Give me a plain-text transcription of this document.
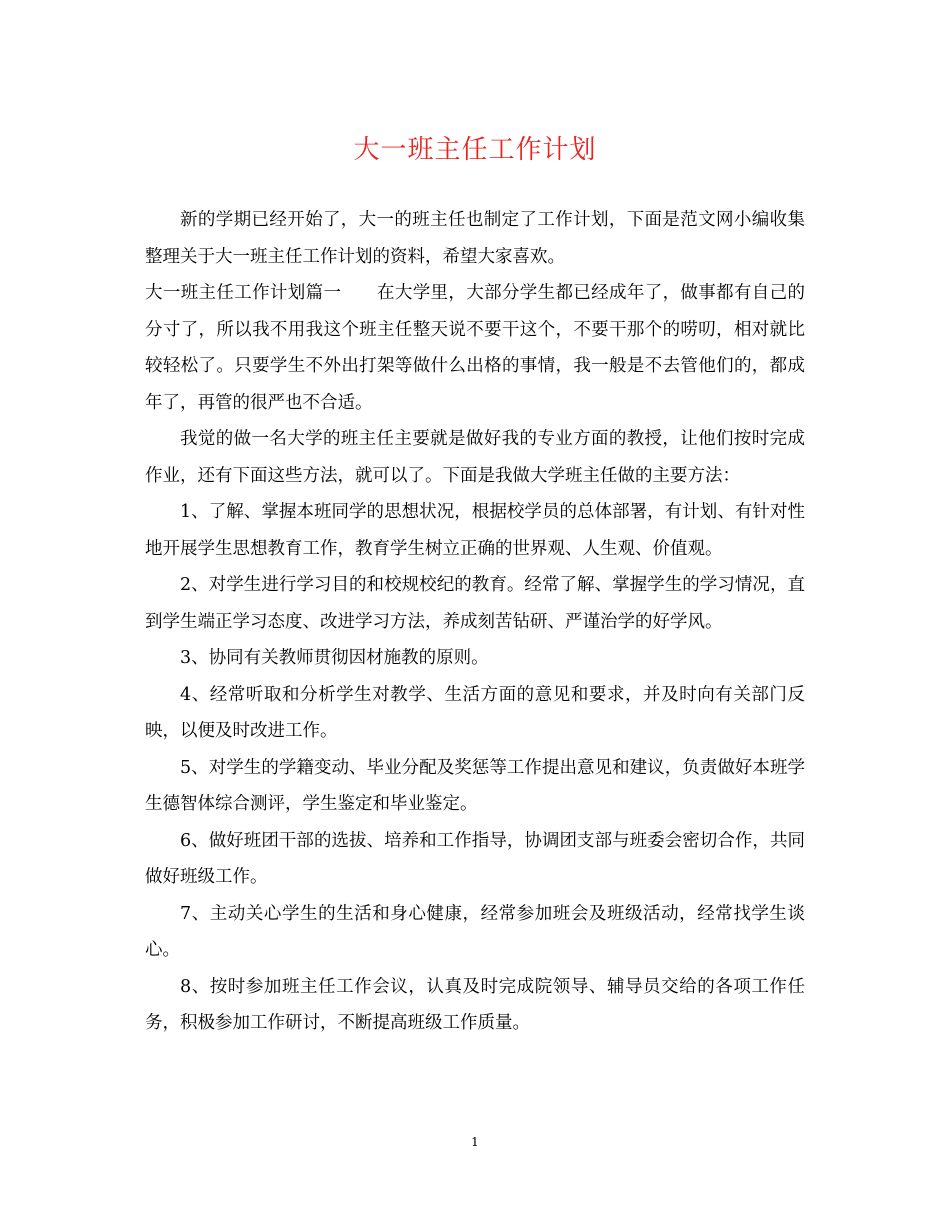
大一班主任工作计划

新的学期已经开始了，大一的班主任也制定了工作计划，下面是范文网小编收集整理关于大一班主任工作计划的资料，希望大家喜欢。

大一班主任工作计划篇一　　在大学里，大部分学生都已经成年了，做事都有自己的分寸了，所以我不用我这个班主任整天说不要干这个，不要干那个的唠叨，相对就比较轻松了。只要学生不外出打架等做什么出格的事情，我一般是不去管他们的，都成年了，再管的很严也不合适。

我觉的做一名大学的班主任主要就是做好我的专业方面的教授，让他们按时完成作业，还有下面这些方法，就可以了。下面是我做大学班主任做的主要方法：

1、了解、掌握本班同学的思想状况，根据校学员的总体部署，有计划、有针对性地开展学生思想教育工作，教育学生树立正确的世界观、人生观、价值观。

2、对学生进行学习目的和校规校纪的教育。经常了解、掌握学生的学习情况，直到学生端正学习态度、改进学习方法，养成刻苦钻研、严谨治学的好学风。

3、协同有关教师贯彻因材施教的原则。

4、经常听取和分析学生对教学、生活方面的意见和要求，并及时向有关部门反映，以便及时改进工作。

5、对学生的学籍变动、毕业分配及奖惩等工作提出意见和建议，负责做好本班学生德智体综合测评，学生鉴定和毕业鉴定。

6、做好班团干部的选拔、培养和工作指导，协调团支部与班委会密切合作，共同做好班级工作。

7、主动关心学生的生活和身心健康，经常参加班会及班级活动，经常找学生谈心。

8、按时参加班主任工作会议，认真及时完成院领导、辅导员交给的各项工作任务，积极参加工作研讨，不断提高班级工作质量。

1
